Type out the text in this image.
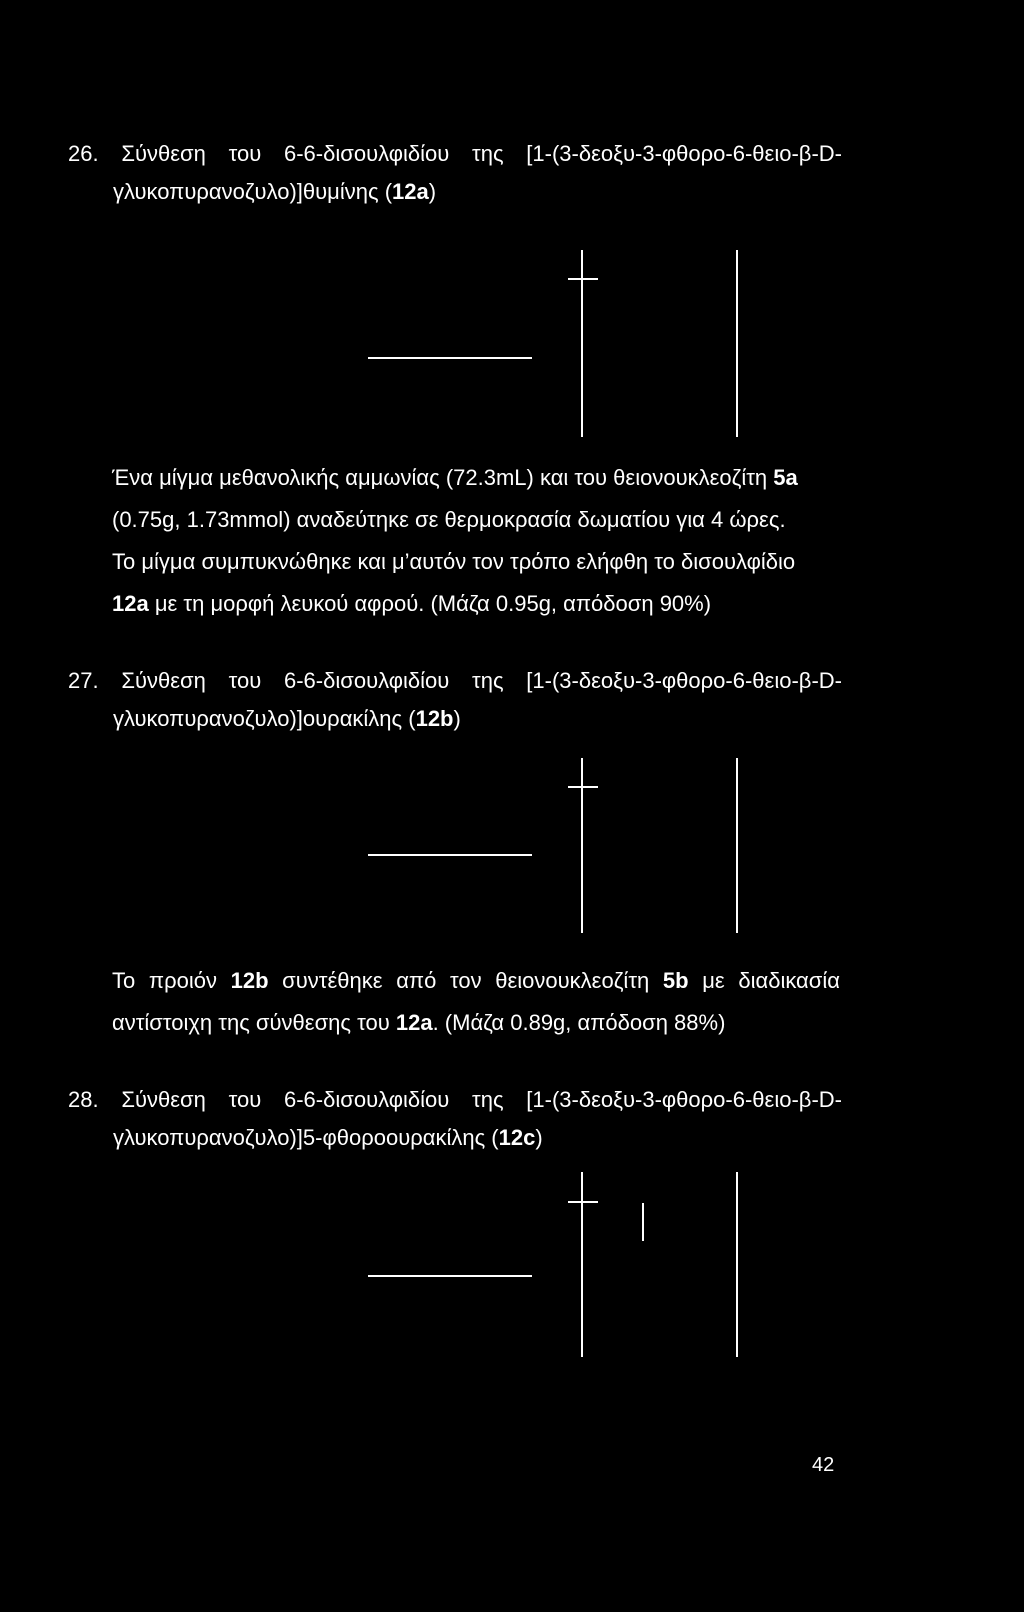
26. Σύνθεση του 6-6-δισουλφιδίου της [1-(3-δεοξυ-3-φθορο-6-θειο-β-D-
γλυκοπυρανοζυλο)]θυμίνης (12a)
Ένα μίγμα μεθανολικής αμμωνίας (72.3mL) και του θειονουκλεοζίτη 5a
(0.75g, 1.73mmol) αναδεύτηκε σε θερμοκρασία δωματίου για 4 ώρες.
Το μίγμα συμπυκνώθηκε και μ’αυτόν τον τρόπο ελήφθη το δισουλφίδιο
12a με τη μορφή λευκού αφρού. (Μάζα 0.95g, απόδοση 90%)
27. Σύνθεση του 6-6-δισουλφιδίου της [1-(3-δεοξυ-3-φθορο-6-θειο-β-D-
γλυκοπυρανοζυλο)]ουρακίλης (12b)
Το προιόν 12b συντέθηκε από τον θειονουκλεοζίτη 5b με διαδικασία
αντίστοιχη της σύνθεσης του 12a. (Μάζα 0.89g, απόδοση 88%)
28. Σύνθεση του 6-6-δισουλφιδίου της [1-(3-δεοξυ-3-φθορο-6-θειο-β-D-
γλυκοπυρανοζυλο)]5-φθοροουρακίλης (12c)
42
